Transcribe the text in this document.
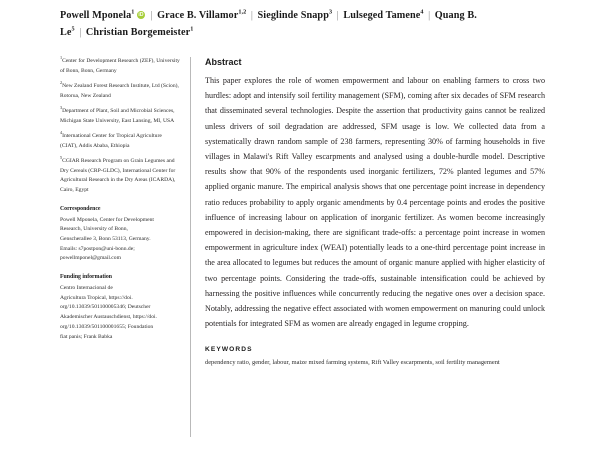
Powell Mponela$^1$ iD | Grace B. Villamor$^{1,2}$ | Sieglinde Snapp$^3$ | Lulseged Tamene$^4$ | Quang B. Le$^5$ | Christian Borgemeister$^1$
$^1$Center for Development Research (ZEF), University of Bonn, Bonn, Germany
$^2$New Zealand Forest Research Institute, Ltd (Scion), Rotorua, New Zealand
$^3$Department of Plant, Soil and Microbial Sciences, Michigan State University, East Lansing, MI, USA
$^4$International Center for Tropical Agriculture (CIAT), Addis Ababa, Ethiopia
$^5$CGIAR Research Program on Grain Legumes and Dry Cereals (CRP-GLDC), International Center for Agricultural Research in the Dry Areas (ICARDA), Cairo, Egypt
Correspondence
Powell Mponela, Center for Development
Research, University of Bonn,
Genscherallee 3, Bonn 53113, Germany.
Emails: s7postpon@uni-bonn.de;
powellmponel@gmail.com
Funding information
Centro Internacional de
Agricultura Tropical, https://doi.
org/10.13039/501100005346; Deutscher
Akademischer Austauschdienst, https://doi.
org/10.13039/501100001655; Foundation
fiat panis; Frank Babka
Abstract

This paper explores the role of women empowerment and labour on enabling farmers to cross two hurdles: adopt and intensify soil fertility management (SFM), coming after six decades of SFM research that disseminated several technologies. Despite the assertion that productivity gains cannot be realized unless drivers of soil degradation are addressed, SFM usage is low. We collected data from a systematically drawn random sample of 238 farmers, representing 30% of farming households in five villages in Malawi's Rift Valley escarpments and analysed using a double-hurdle model. Descriptive results show that 90% of the respondents used inorganic fertilizers, 72% planted legumes and 57% applied organic manure. The empirical analysis shows that one percentage point increase in dependency ratio reduces probability to apply organic amendments by 0.4 percentage points and erodes the positive influence of increasing labour on application of inorganic fertilizer. As women become increasingly empowered in decision-making, there are significant trade-offs: a percentage point increase in women empowerment in agriculture index (WEAI) potentially leads to a one-third percentage point increase in the area allocated to legumes but reduces the amount of organic manure applied with higher elasticity of two percentage points. Considering the trade-offs, sustainable intensification could be achieved by harnessing the positive influences while concurrently reducing the negative ones over a decision space. Notably, addressing the negative effect associated with women empowerment on manuring could unlock potentials for integrated SFM as women are already engaged in legume cropping.

KEYWORDS

dependency ratio, gender, labour, maize mixed farming systems, Rift Valley escarpments, soil fertility management
